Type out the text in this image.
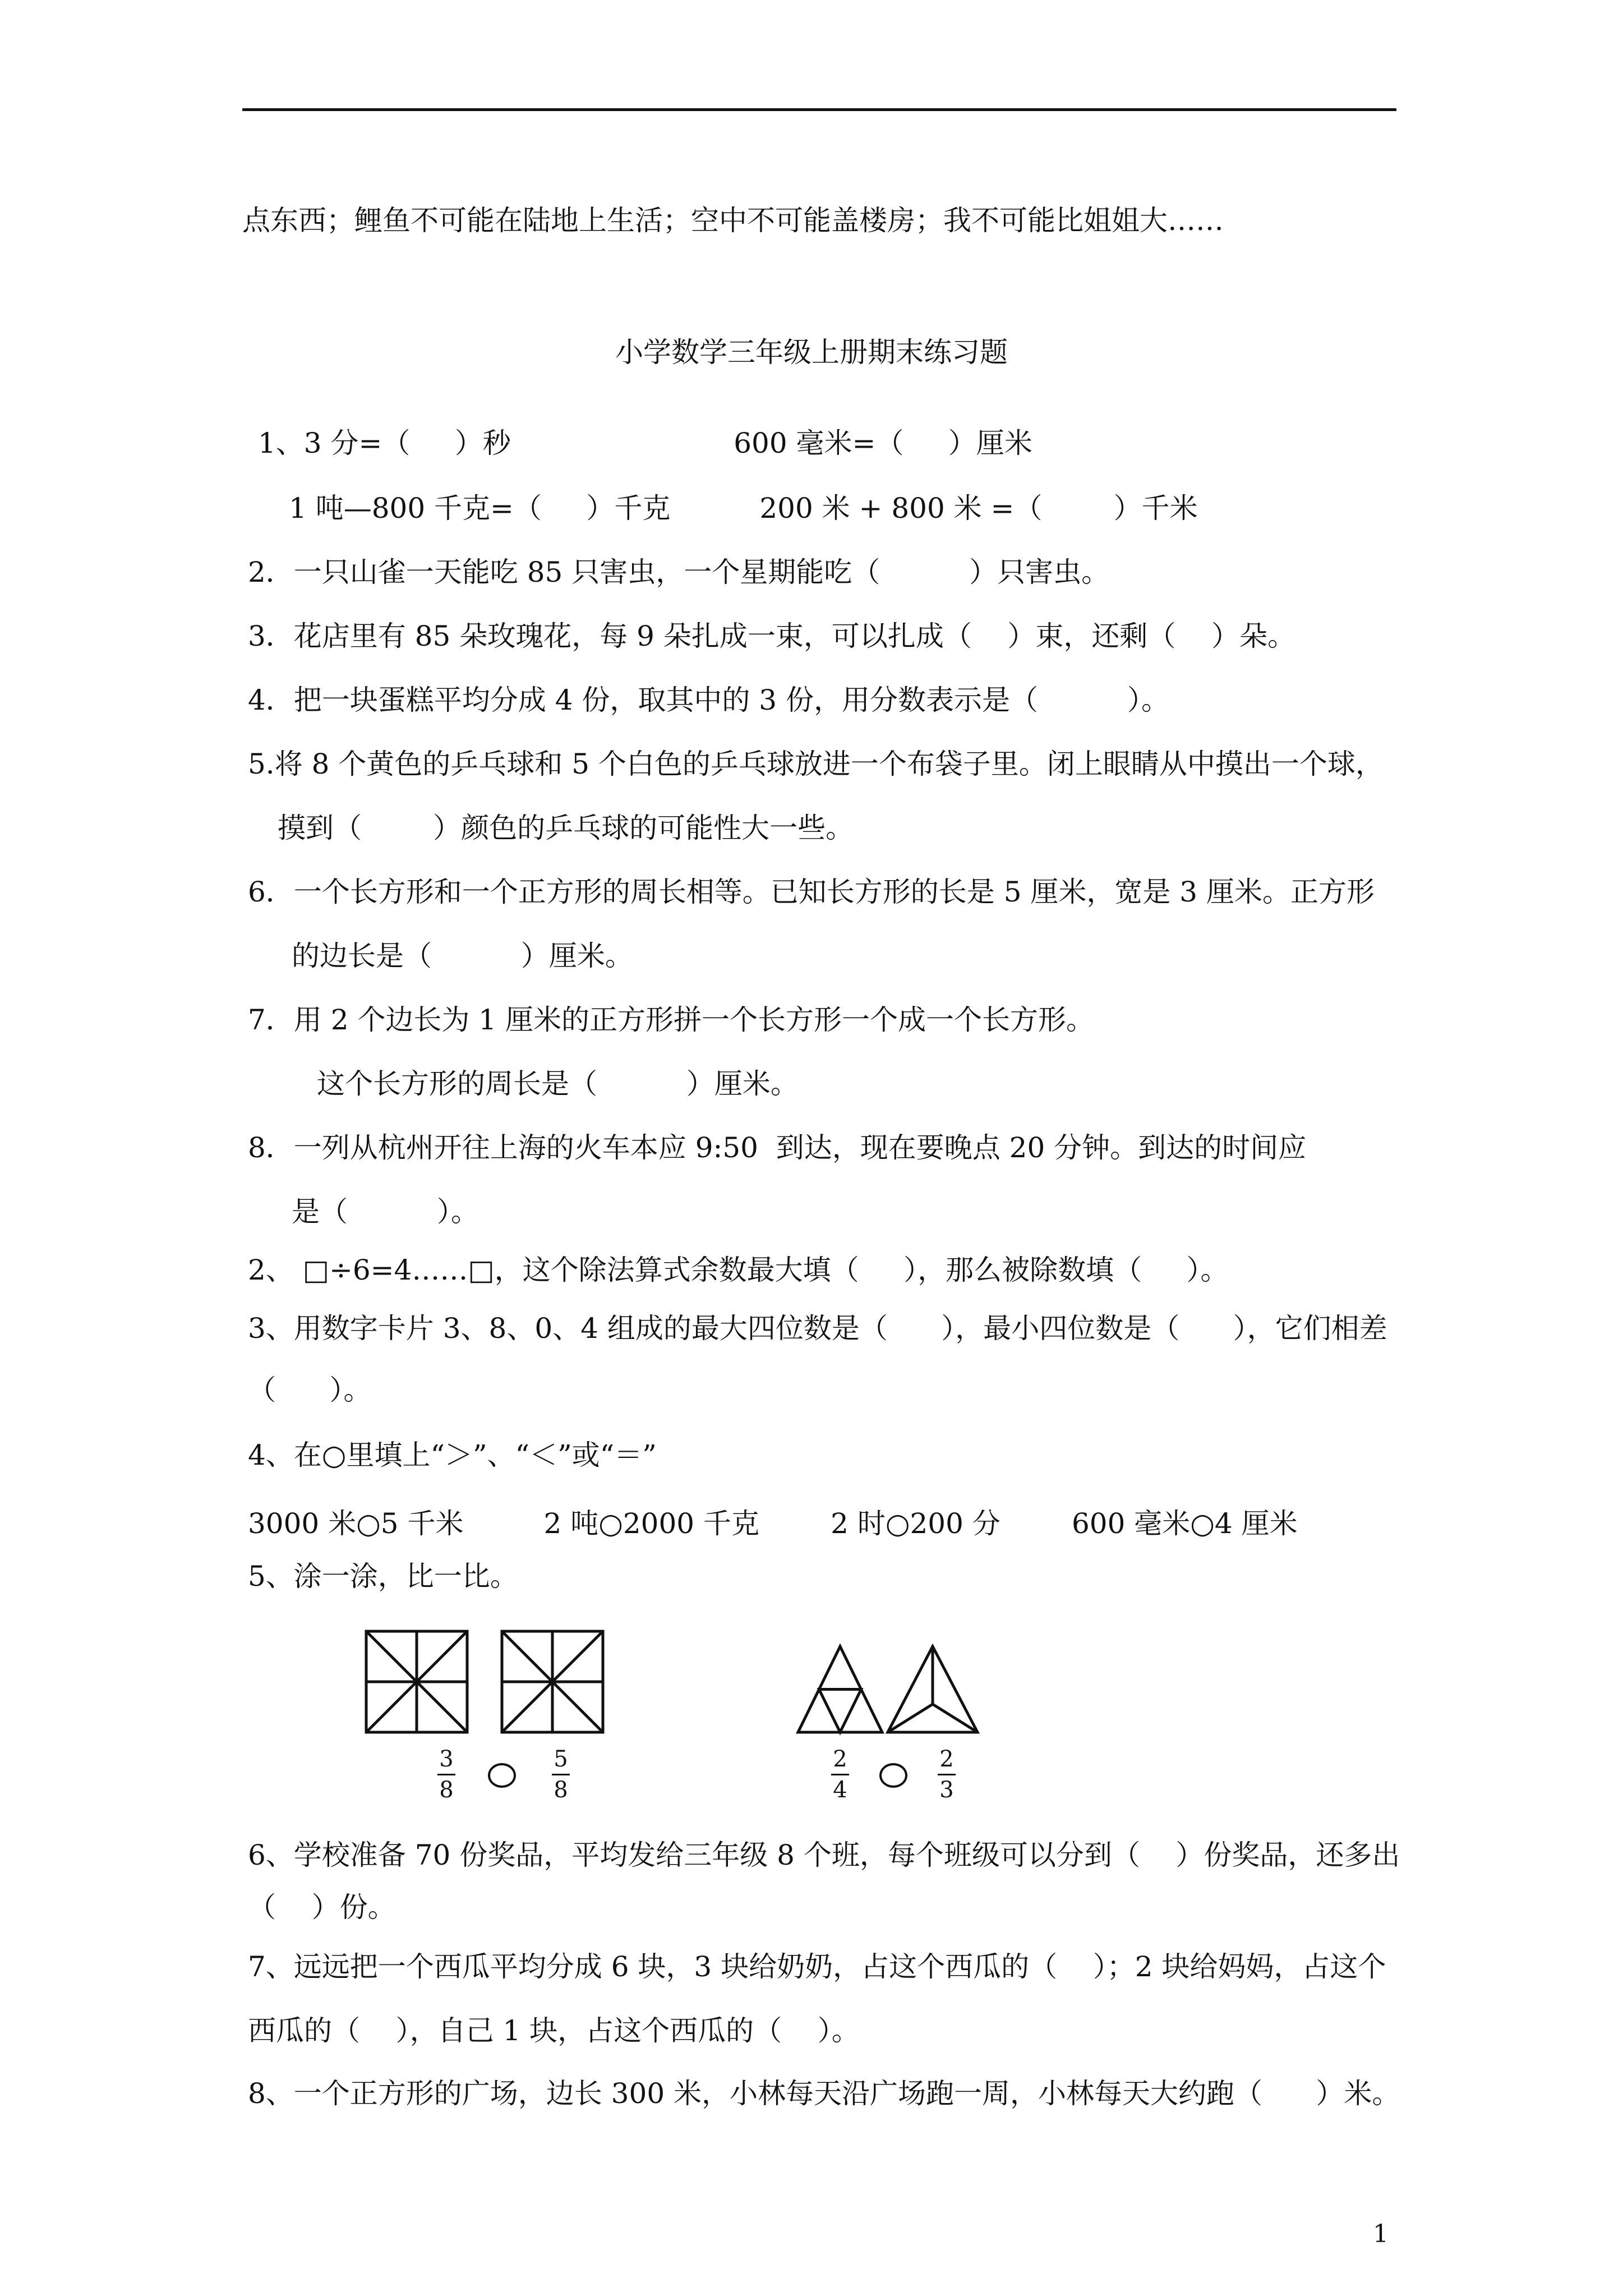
点东西；鲤鱼不可能在陆地上生活；空中不可能盖楼房；我不可能比姐姐大……
小学数学三年级上册期末练习题
1、3 分=（     ）秒                         600 毫米=（     ）厘米
1 吨—800 千克=（     ）千克          200 米 + 800 米 =（        ）千米
2．一只山雀一天能吃 85 只害虫，一个星期能吃（          ）只害虫。
3．花店里有 85 朵玫瑰花，每 9 朵扎成一束，可以扎成（    ）束，还剩（    ）朵。
4．把一块蛋糕平均分成 4 份，取其中的 3 份，用分数表示是（          ）。
5.将 8 个黄色的乒乓球和 5 个白色的乒乓球放进一个布袋子里。闭上眼睛从中摸出一个球，
摸到（        ）颜色的乒乓球的可能性大一些。
6．一个长方形和一个正方形的周长相等。已知长方形的长是 5 厘米，宽是 3 厘米。正方形
的边长是（          ）厘米。
7．用 2 个边长为 1 厘米的正方形拼一个长方形一个成一个长方形。
这个长方形的周长是（          ）厘米。
8．一列从杭州开往上海的火车本应 9:50  到达，现在要晚点 20 分钟。到达的时间应
是（          ）。
2、 □÷6=4……□，这个除法算式余数最大填（     ），那么被除数填（     ）。
3、用数字卡片 3、8、0、4 组成的最大四位数是（      ），最小四位数是（      ），它们相差
（      ）。
4、在○里填上“＞”、“＜”或“＝”
3000 米○5 千米         2 吨○2000 千克        2 时○200 分        600 毫米○4 厘米
5、涂一涂，比一比。
3
8
5
8
2
4
2
3
6、学校准备 70 份奖品，平均发给三年级 8 个班，每个班级可以分到（    ）份奖品，还多出
（    ）份。
7、远远把一个西瓜平均分成 6 块，3 块给奶奶，占这个西瓜的（    ）；2 块给妈妈，占这个
西瓜的（    ），自己 1 块，占这个西瓜的（    ）。
8、一个正方形的广场，边长 300 米，小林每天沿广场跑一周，小林每天大约跑（      ）米。
1
